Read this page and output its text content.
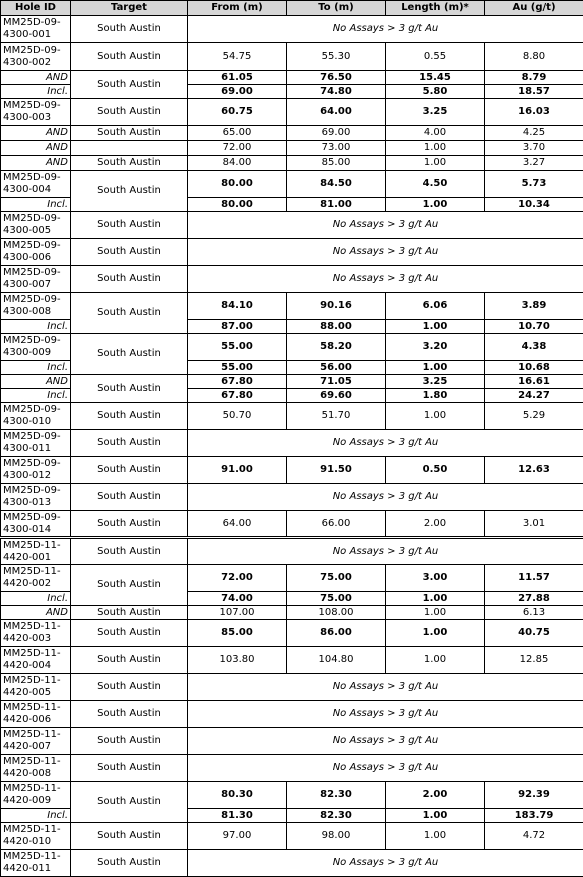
Hole ID	Target	From (m)	To (m)	Length (m)*	Au (g/t)
MM25D-09-4300-001	South Austin	No Assays > 3 g/t Au			
MM25D-09-4300-002	South Austin	54.75	55.30	0.55	8.80
AND	South Austin	61.05	76.50	15.45	8.79
Incl.		69.00	74.80	5.80	18.57
MM25D-09-4300-003	South Austin	60.75	64.00	3.25	16.03
AND	South Austin	65.00	69.00	4.00	4.25
AND		72.00	73.00	1.00	3.70
AND	South Austin	84.00	85.00	1.00	3.27
MM25D-09-4300-004	South Austin	80.00	84.50	4.50	5.73
Incl.		80.00	81.00	1.00	10.34
MM25D-09-4300-005	South Austin	No Assays > 3 g/t Au			
MM25D-09-4300-006	South Austin	No Assays > 3 g/t Au			
MM25D-09-4300-007	South Austin	No Assays > 3 g/t Au			
MM25D-09-4300-008	South Austin	84.10	90.16	6.06	3.89
Incl.		87.00	88.00	1.00	10.70
MM25D-09-4300-009	South Austin	55.00	58.20	3.20	4.38
Incl.		55.00	56.00	1.00	10.68
AND	South Austin	67.80	71.05	3.25	16.61
Incl.		67.80	69.60	1.80	24.27
MM25D-09-4300-010	South Austin	50.70	51.70	1.00	5.29
MM25D-09-4300-011	South Austin	No Assays > 3 g/t Au			
MM25D-09-4300-012	South Austin	91.00	91.50	0.50	12.63
MM25D-09-4300-013	South Austin	No Assays > 3 g/t Au			
MM25D-09-4300-014	South Austin	64.00	66.00	2.00	3.01
MM25D-11-4420-001	South Austin	No Assays > 3 g/t Au			
MM25D-11-4420-002	South Austin	72.00	75.00	3.00	11.57
Incl.		74.00	75.00	1.00	27.88
AND	South Austin	107.00	108.00	1.00	6.13
MM25D-11-4420-003	South Austin	85.00	86.00	1.00	40.75
MM25D-11-4420-004	South Austin	103.80	104.80	1.00	12.85
MM25D-11-4420-005	South Austin	No Assays > 3 g/t Au			
MM25D-11-4420-006	South Austin	No Assays > 3 g/t Au			
MM25D-11-4420-007	South Austin	No Assays > 3 g/t Au			
MM25D-11-4420-008	South Austin	No Assays > 3 g/t Au			
MM25D-11-4420-009	South Austin	80.30	82.30	2.00	92.39
Incl.		81.30	82.30	1.00	183.79
MM25D-11-4420-010	South Austin	97.00	98.00	1.00	4.72
MM25D-11-4420-011	South Austin	No Assays > 3 g/t Au			
